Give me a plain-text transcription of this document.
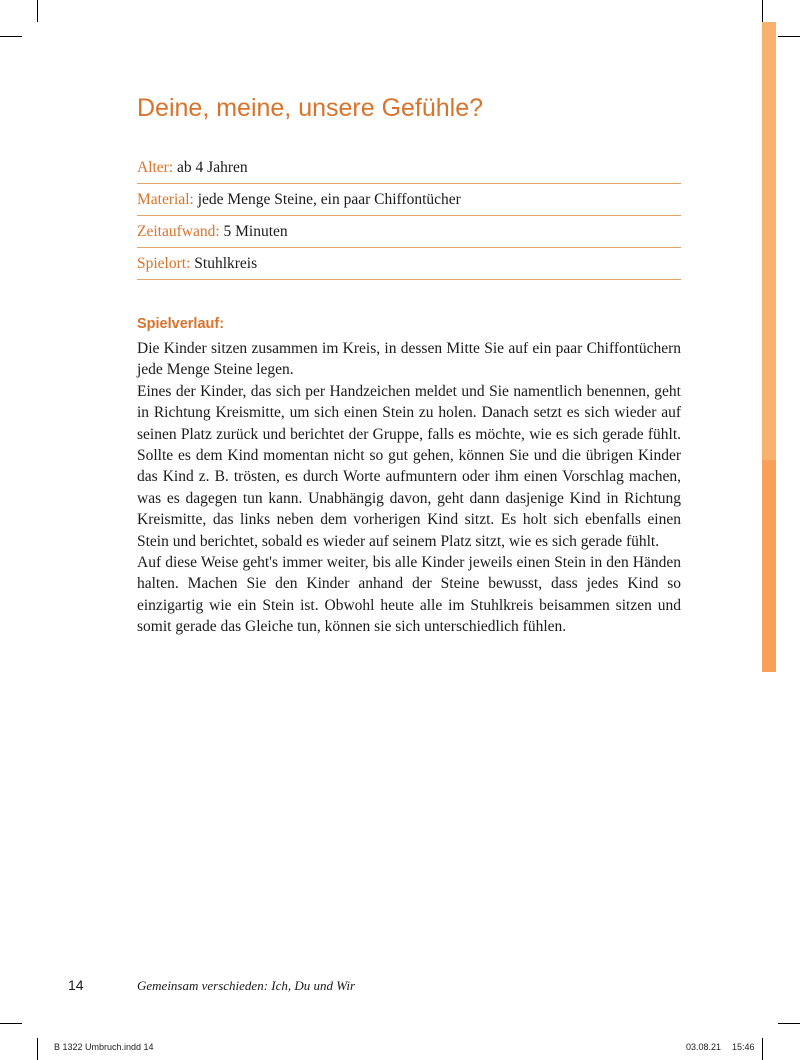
Deine, meine, unsere Gefühle?
Alter: ab 4 Jahren
Material: jede Menge Steine, ein paar Chiffontücher
Zeitaufwand: 5 Minuten
Spielort: Stuhlkreis
Spielverlauf:

Die Kinder sitzen zusammen im Kreis, in dessen Mitte Sie auf ein paar Chiffontüchern jede Menge Steine legen.

Eines der Kinder, das sich per Handzeichen meldet und Sie namentlich benennen, geht in Richtung Kreismitte, um sich einen Stein zu holen. Danach setzt es sich wieder auf seinen Platz zurück und berichtet der Gruppe, falls es möchte, wie es sich gerade fühlt. Sollte es dem Kind momentan nicht so gut gehen, können Sie und die übrigen Kinder das Kind z. B. trösten, es durch Worte aufmuntern oder ihm einen Vorschlag machen, was es dagegen tun kann. Unabhängig davon, geht dann dasjenige Kind in Richtung Kreismitte, das links neben dem vorherigen Kind sitzt. Es holt sich ebenfalls einen Stein und berichtet, sobald es wieder auf seinem Platz sitzt, wie es sich gerade fühlt.

Auf diese Weise geht's immer weiter, bis alle Kinder jeweils einen Stein in den Händen halten. Machen Sie den Kinder anhand der Steine bewusst, dass jedes Kind so einzigartig wie ein Stein ist. Obwohl heute alle im Stuhlkreis beisammen sitzen und somit gerade das Gleiche tun, können sie sich unterschiedlich fühlen.

14	Gemeinsam verschieden: Ich, Du und Wir
B 1322 Umbruch.indd 14	03.08.21 15:46
